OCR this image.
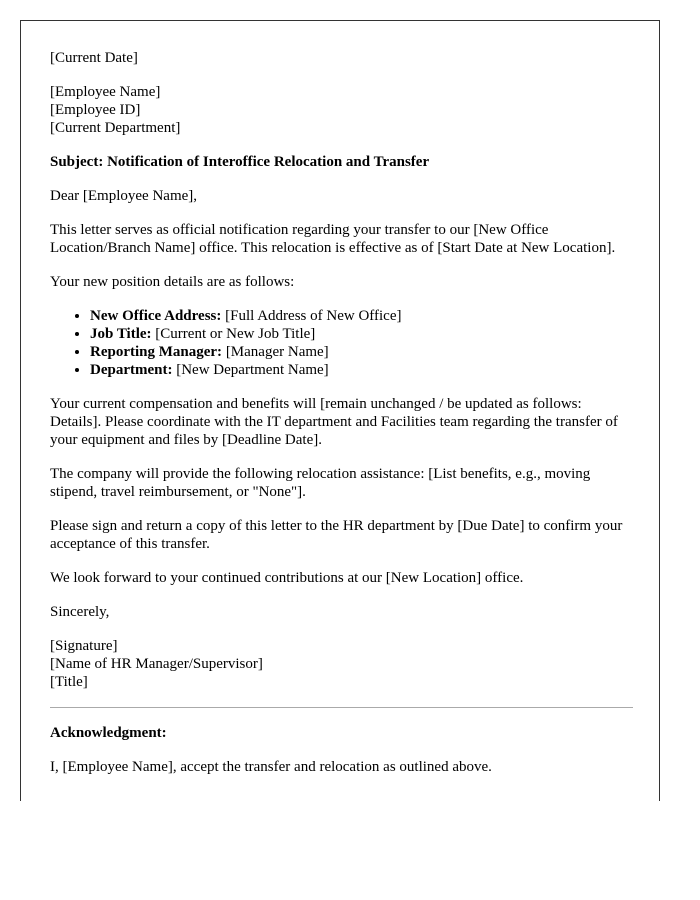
[Current Date]

[Employee Name]
[Employee ID]
[Current Department]

Subject: Notification of Interoffice Relocation and Transfer

Dear [Employee Name],

This letter serves as official notification regarding your transfer to our [New Office Location/Branch Name] office. This relocation is effective as of [Start Date at New Location].

Your new position details are as follows:

• New Office Address: [Full Address of New Office]
• Job Title: [Current or New Job Title]
• Reporting Manager: [Manager Name]
• Department: [New Department Name]

Your current compensation and benefits will [remain unchanged / be updated as follows: Details]. Please coordinate with the IT department and Facilities team regarding the transfer of your equipment and files by [Deadline Date].

The company will provide the following relocation assistance: [List benefits, e.g., moving stipend, travel reimbursement, or "None"].

Please sign and return a copy of this letter to the HR department by [Due Date] to confirm your acceptance of this transfer.

We look forward to your continued contributions at our [New Location] office.

Sincerely,

[Signature]
[Name of HR Manager/Supervisor]
[Title]

Acknowledgment:

I, [Employee Name], accept the transfer and relocation as outlined above.
